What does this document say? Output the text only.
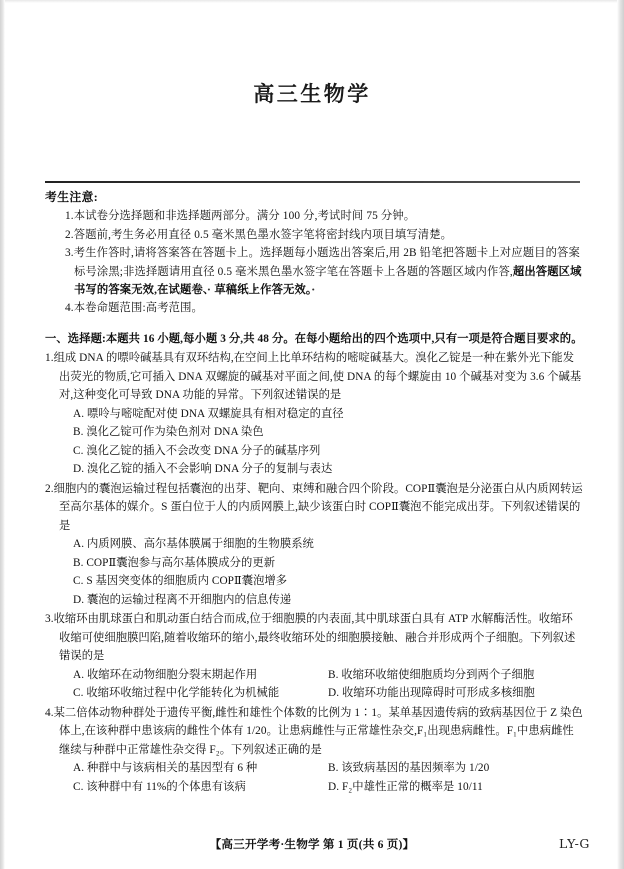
高三生物学
考生注意:
1.本试卷分选择题和非选择题两部分。满分 100 分,考试时间 75 分钟。
2.答题前,考生务必用直径 0.5 毫米黑色墨水签字笔将密封线内项目填写清楚。
3.考生作答时,请将答案答在答题卡上。选择题每小题选出答案后,用 2B 铅笔把答题卡上对应题目的答案标号涂黑;非选择题请用直径 0.5 毫米黑色墨水签字笔在答题卡上各题的答题区域内作答,超出答题区域书写的答案无效,在试题卷、草稿纸上作答无效。
4.本卷命题范围:高考范围。
一、选择题:本题共 16 小题,每小题 3 分,共 48 分。在每小题给出的四个选项中,只有一项是符合题目要求的。
1.组成 DNA 的嘌呤碱基具有双环结构,在空间上比单环结构的嘧啶碱基大。溴化乙锭是一种在紫外光下能发出荧光的物质,它可插入 DNA 双螺旋的碱基对平面之间,使 DNA 的每个螺旋由 10 个碱基对变为 3.6 个碱基对,这种变化可导致 DNA 功能的异常。下列叙述错误的是
A. 嘌呤与嘧啶配对使 DNA 双螺旋具有相对稳定的直径
B. 溴化乙锭可作为染色剂对 DNA 染色
C. 溴化乙锭的插入不会改变 DNA 分子的碱基序列
D. 溴化乙锭的插入不会影响 DNA 分子的复制与表达
2.细胞内的囊泡运输过程包括囊泡的出芽、靶向、束缚和融合四个阶段。COPⅡ囊泡是分泌蛋白从内质网转运至高尔基体的媒介。S 蛋白位于人的内质网膜上,缺少该蛋白时 COPⅡ囊泡不能完成出芽。下列叙述错误的是
A. 内质网膜、高尔基体膜属于细胞的生物膜系统
B. COPⅡ囊泡参与高尔基体膜成分的更新
C. S 基因突变体的细胞质内 COPⅡ囊泡增多
D. 囊泡的运输过程离不开细胞内的信息传递
3.收缩环由肌球蛋白和肌动蛋白结合而成,位于细胞膜的内表面,其中肌球蛋白具有 ATP 水解酶活性。收缩环收缩可使细胞膜凹陷,随着收缩环的缩小,最终收缩环处的细胞膜接触、融合并形成两个子细胞。下列叙述错误的是
A. 收缩环在动物细胞分裂末期起作用	B. 收缩环收缩使细胞质均分到两个子细胞
C. 收缩环收缩过程中化学能转化为机械能	D. 收缩环功能出现障碍时可形成多核细胞
4.某二倍体动物种群处于遗传平衡,雌性和雄性个体数的比例为 1∶1。某单基因遗传病的致病基因位于 Z 染色体上,在该种群中患该病的雌性个体有 1/20。让患病雌性与正常雄性杂交,F₁出现患病雌性。F₁中患病雌性继续与种群中正常雄性杂交得 F₂。下列叙述正确的是
A. 种群中与该病相关的基因型有 6 种	B. 该致病基因的基因频率为 1/20
C. 该种群中有 11%的个体患有该病	D. F₂中雄性正常的概率是 10/11
【高三开学考·生物学 第 1 页(共 6 页)】	LY-G
